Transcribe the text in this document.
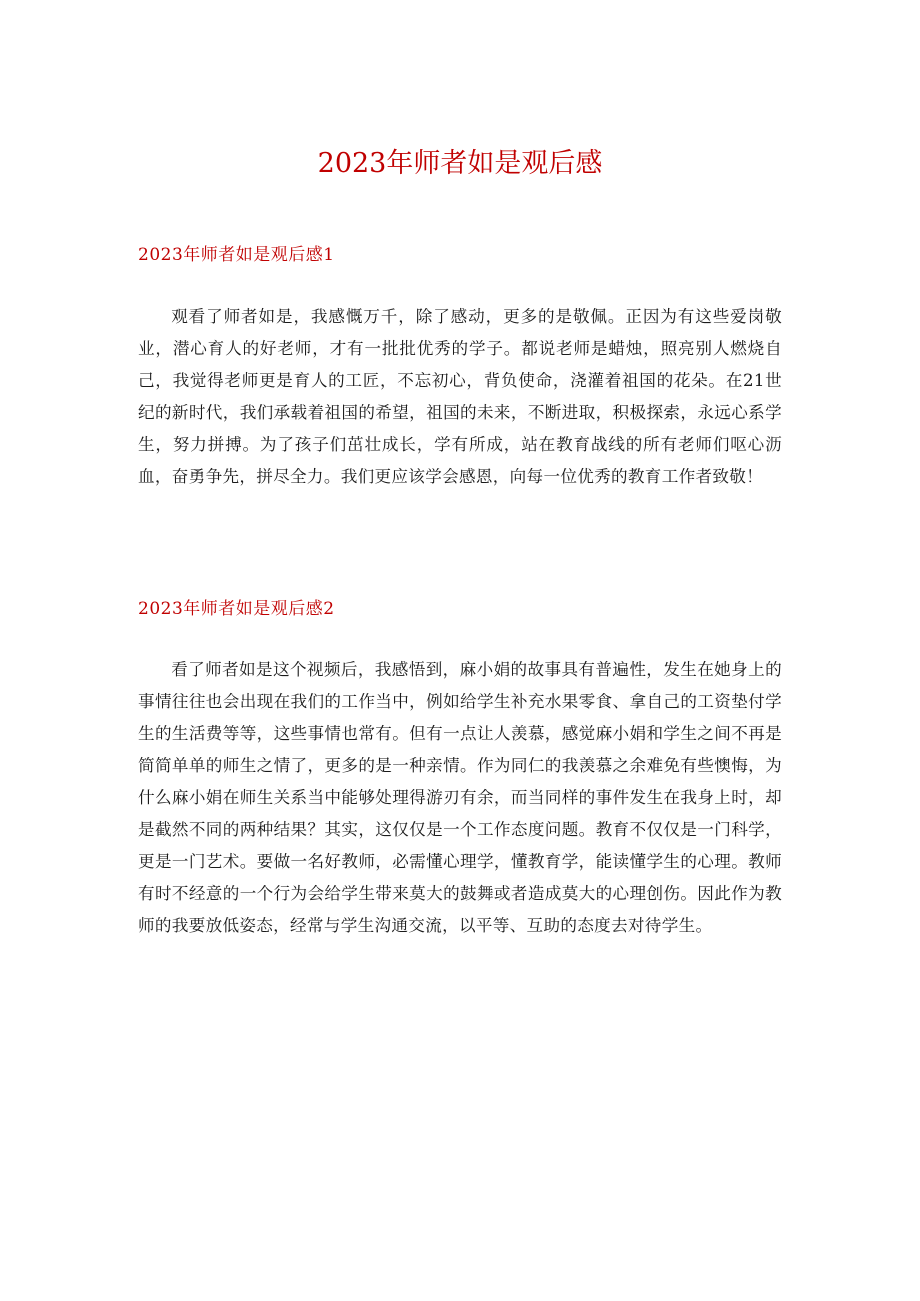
2023年师者如是观后感
2023年师者如是观后感1

观看了师者如是，我感慨万千，除了感动，更多的是敬佩。正因为有这些爱岗敬业，潜心育人的好老师，才有一批批优秀的学子。都说老师是蜡烛，照亮别人燃烧自己，我觉得老师更是育人的工匠，不忘初心，背负使命，浇灌着祖国的花朵。在21世纪的新时代，我们承载着祖国的希望，祖国的未来，不断进取，积极探索，永远心系学生，努力拼搏。为了孩子们茁壮成长，学有所成，站在教育战线的所有老师们呕心沥血，奋勇争先，拼尽全力。我们更应该学会感恩，向每一位优秀的教育工作者致敬！

2023年师者如是观后感2

看了师者如是这个视频后，我感悟到，麻小娟的故事具有普遍性，发生在她身上的事情往往也会出现在我们的工作当中，例如给学生补充水果零食、拿自己的工资垫付学生的生活费等等，这些事情也常有。但有一点让人羡慕，感觉麻小娟和学生之间不再是简简单单的师生之情了，更多的是一种亲情。作为同仁的我羡慕之余难免有些懊悔，为什么麻小娟在师生关系当中能够处理得游刃有余，而当同样的事件发生在我身上时，却是截然不同的两种结果？其实，这仅仅是一个工作态度问题。教育不仅仅是一门科学，更是一门艺术。要做一名好教师，必需懂心理学，懂教育学，能读懂学生的心理。教师有时不经意的一个行为会给学生带来莫大的鼓舞或者造成莫大的心理创伤。因此作为教师的我要放低姿态，经常与学生沟通交流，以平等、互助的态度去对待学生。
